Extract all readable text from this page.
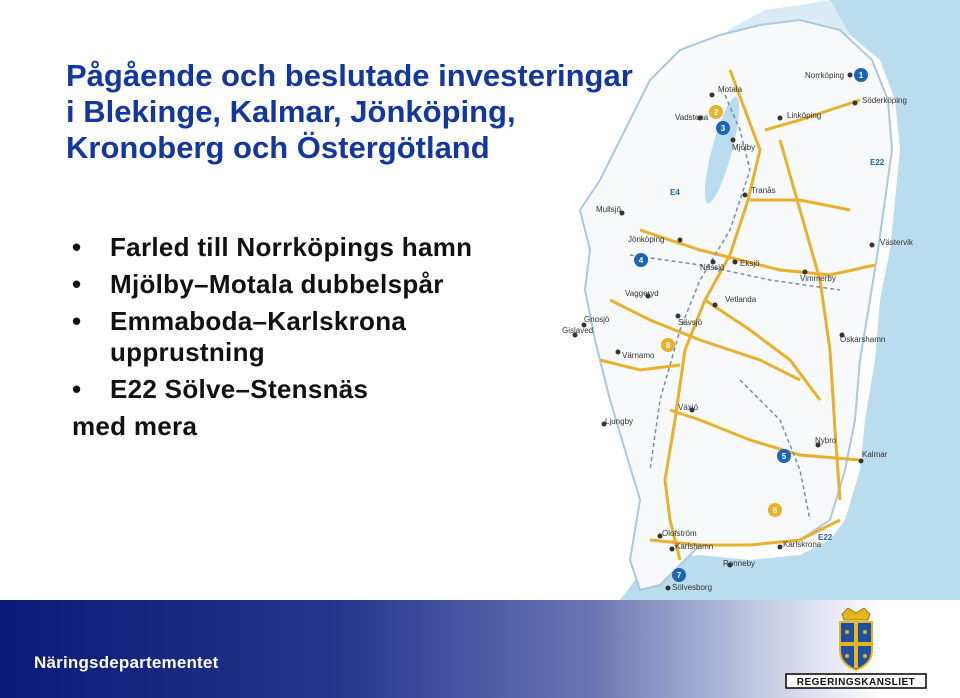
Pågående och beslutade investeringar
i Blekinge, Kalmar, Jönköping,
Kronoberg och Östergötland
• Farled till Norrköpings hamn
• Mjölby–Motala dubbelspår
• Emmaboda–Karlskrona upprustning
• E22 Sölve–Stensnäs
med mera
Motala
Norrköping
Söderköping
Vadstena	Linköping
Mjölby
Tranås
Mullsjö
Jönköping
Vetlanda
Nässjö Eksjö
Västervik
Vaggeryd
Gnosjö
Gislaved
Vimmerby
Sävsjö
Värnamo
Oskarshamn
Växjö
Ljungby
Nybro
Kalmar
Olofström
Karlshamn
Ronneby
Karlskrona
Sölvesborg
1
2
3
4
5
6
7
8
E4
E22
E22
Näringsdepartementet
REGERINGSKANSLIET
